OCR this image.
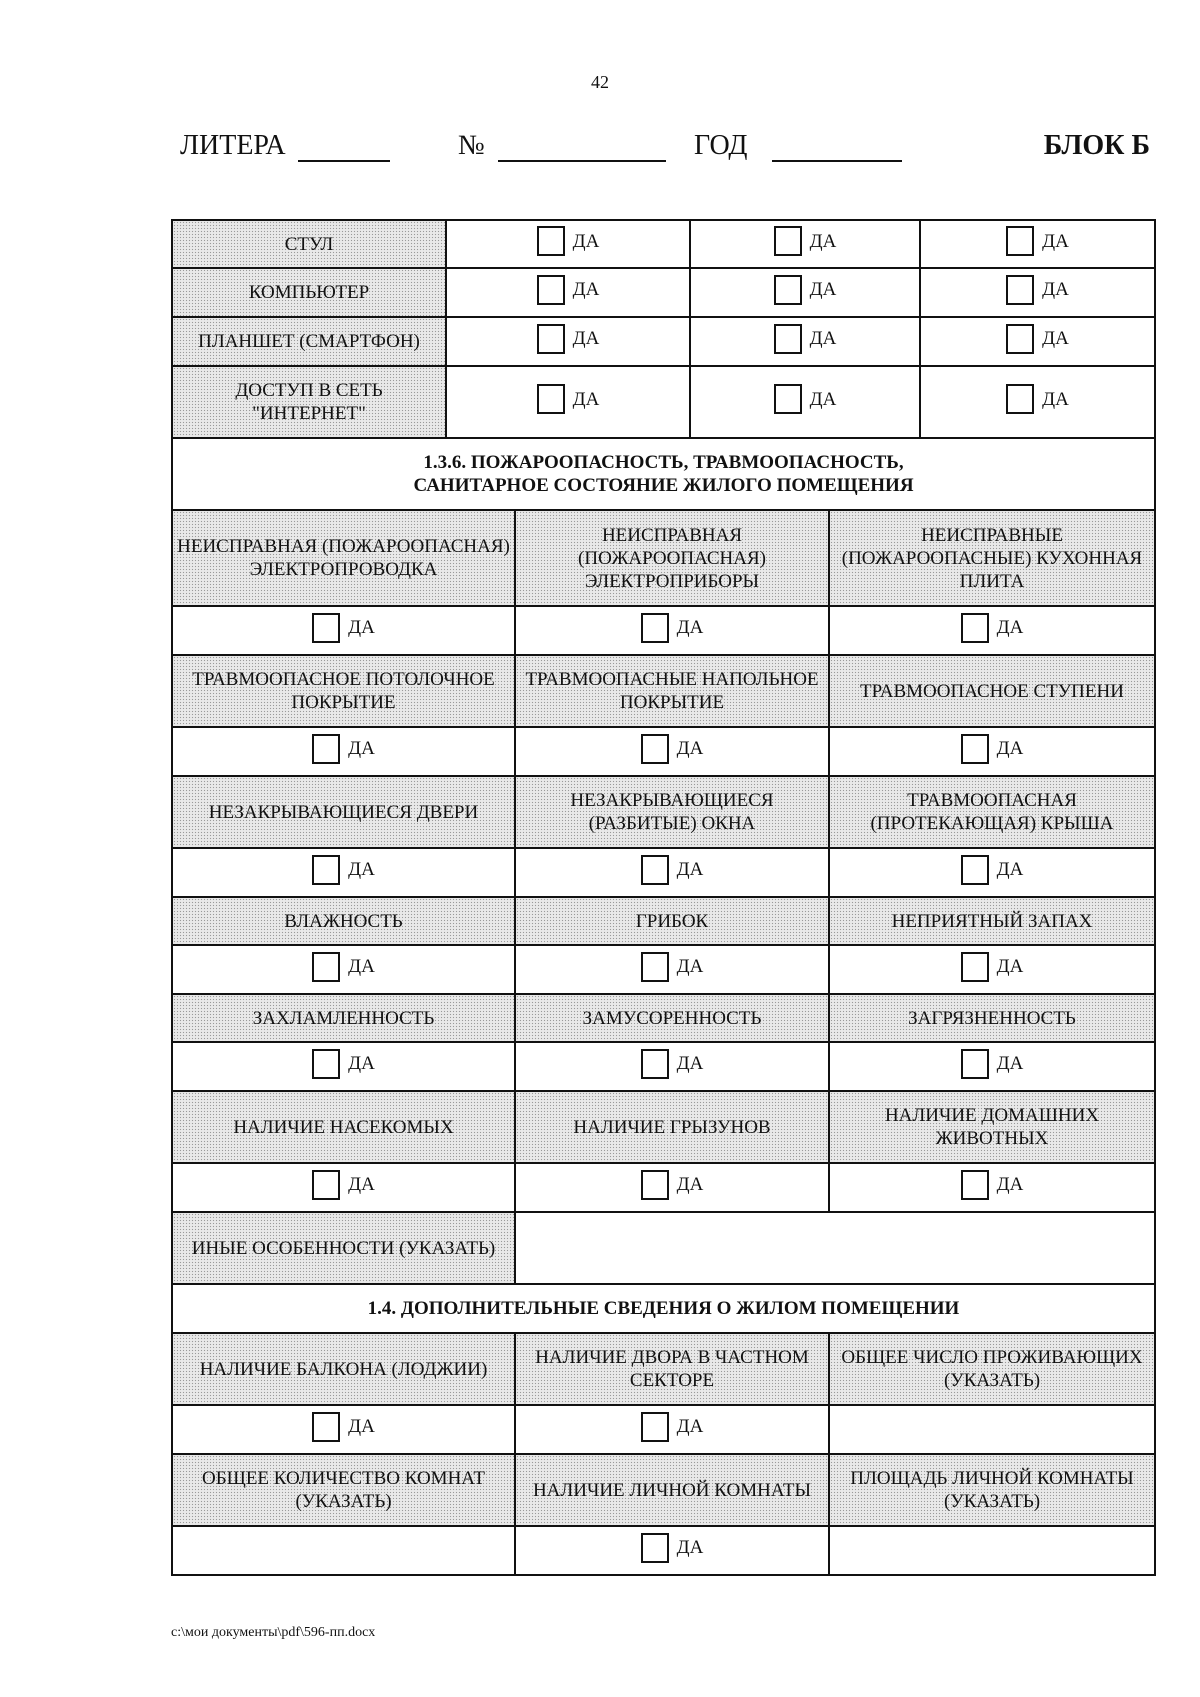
42
ЛИТЕРА	№	ГОД	БЛОК Б
СТУЛ	ДА		ДА		ДА

КОМПЬЮТЕР	ДА		ДА		ДА

ПЛАНШЕТ (СМАРТФОН)	ДА		ДА		ДА

ДОСТУП В СЕТЬ "ИНТЕРНЕТ"	ДА		ДА		ДА

1.3.6. ПОЖАРООПАСНОСТЬ, ТРАВМООПАСНОСТЬ,
САНИТАРНОЕ СОСТОЯНИЕ ЖИЛОГО ПОМЕЩЕНИЯ					
НЕИСПРАВНАЯ (ПОЖАРООПАСНАЯ) ЭЛЕКТРОПРОВОДКА		НЕИСПРАВНАЯ (ПОЖАРООПАСНАЯ) ЭЛЕКТРОПРИБОРЫ		НЕИСПРАВНЫЕ (ПОЖАРООПАСНЫЕ) КУХОННАЯ ПЛИТА	

ДА		ДА		ДА	

ТРАВМООПАСНОЕ ПОТОЛОЧНОЕ ПОКРЫТИЕ		ТРАВМООПАСНЫЕ НАПОЛЬНОЕ ПОКРЫТИЕ		ТРАВМООПАСНОЕ СТУПЕНИ	

ДА		ДА		ДА	

НЕЗАКРЫВАЮЩИЕСЯ ДВЕРИ		НЕЗАКРЫВАЮЩИЕСЯ (РАЗБИТЫЕ) ОКНА		ТРАВМООПАСНАЯ (ПРОТЕКАЮЩАЯ) КРЫША	

ДА		ДА		ДА	

ВЛАЖНОСТЬ		ГРИБОК		НЕПРИЯТНЫЙ ЗАПАХ	

ДА		ДА		ДА	

ЗАХЛАМЛЕННОСТЬ		ЗАМУСОРЕННОСТЬ		ЗАГРЯЗНЕННОСТЬ	

ДА		ДА		ДА	

НАЛИЧИЕ НАСЕКОМЫХ		НАЛИЧИЕ ГРЫЗУНОВ		НАЛИЧИЕ ДОМАШНИХ ЖИВОТНЫХ	

ДА		ДА		ДА	

ИНЫЕ ОСОБЕННОСТИ (УКАЗАТЬ)					
1.4. ДОПОЛНИТЕЛЬНЫЕ СВЕДЕНИЯ О ЖИЛОМ ПОМЕЩЕНИИ					
НАЛИЧИЕ БАЛКОНА (ЛОДЖИИ)		НАЛИЧИЕ ДВОРА В ЧАСТНОМ СЕКТОРЕ		ОБЩЕЕ ЧИСЛО ПРОЖИВАЮЩИХ (УКАЗАТЬ)	

ДА		ДА			

ОБЩЕЕ КОЛИЧЕСТВО КОМНАТ (УКАЗАТЬ)		НАЛИЧИЕ ЛИЧНОЙ КОМНАТЫ		ПЛОЩАДЬ ЛИЧНОЙ КОМНАТЫ (УКАЗАТЬ)	

		ДА			

c:\мои документы\pdf\596-пп.docx
